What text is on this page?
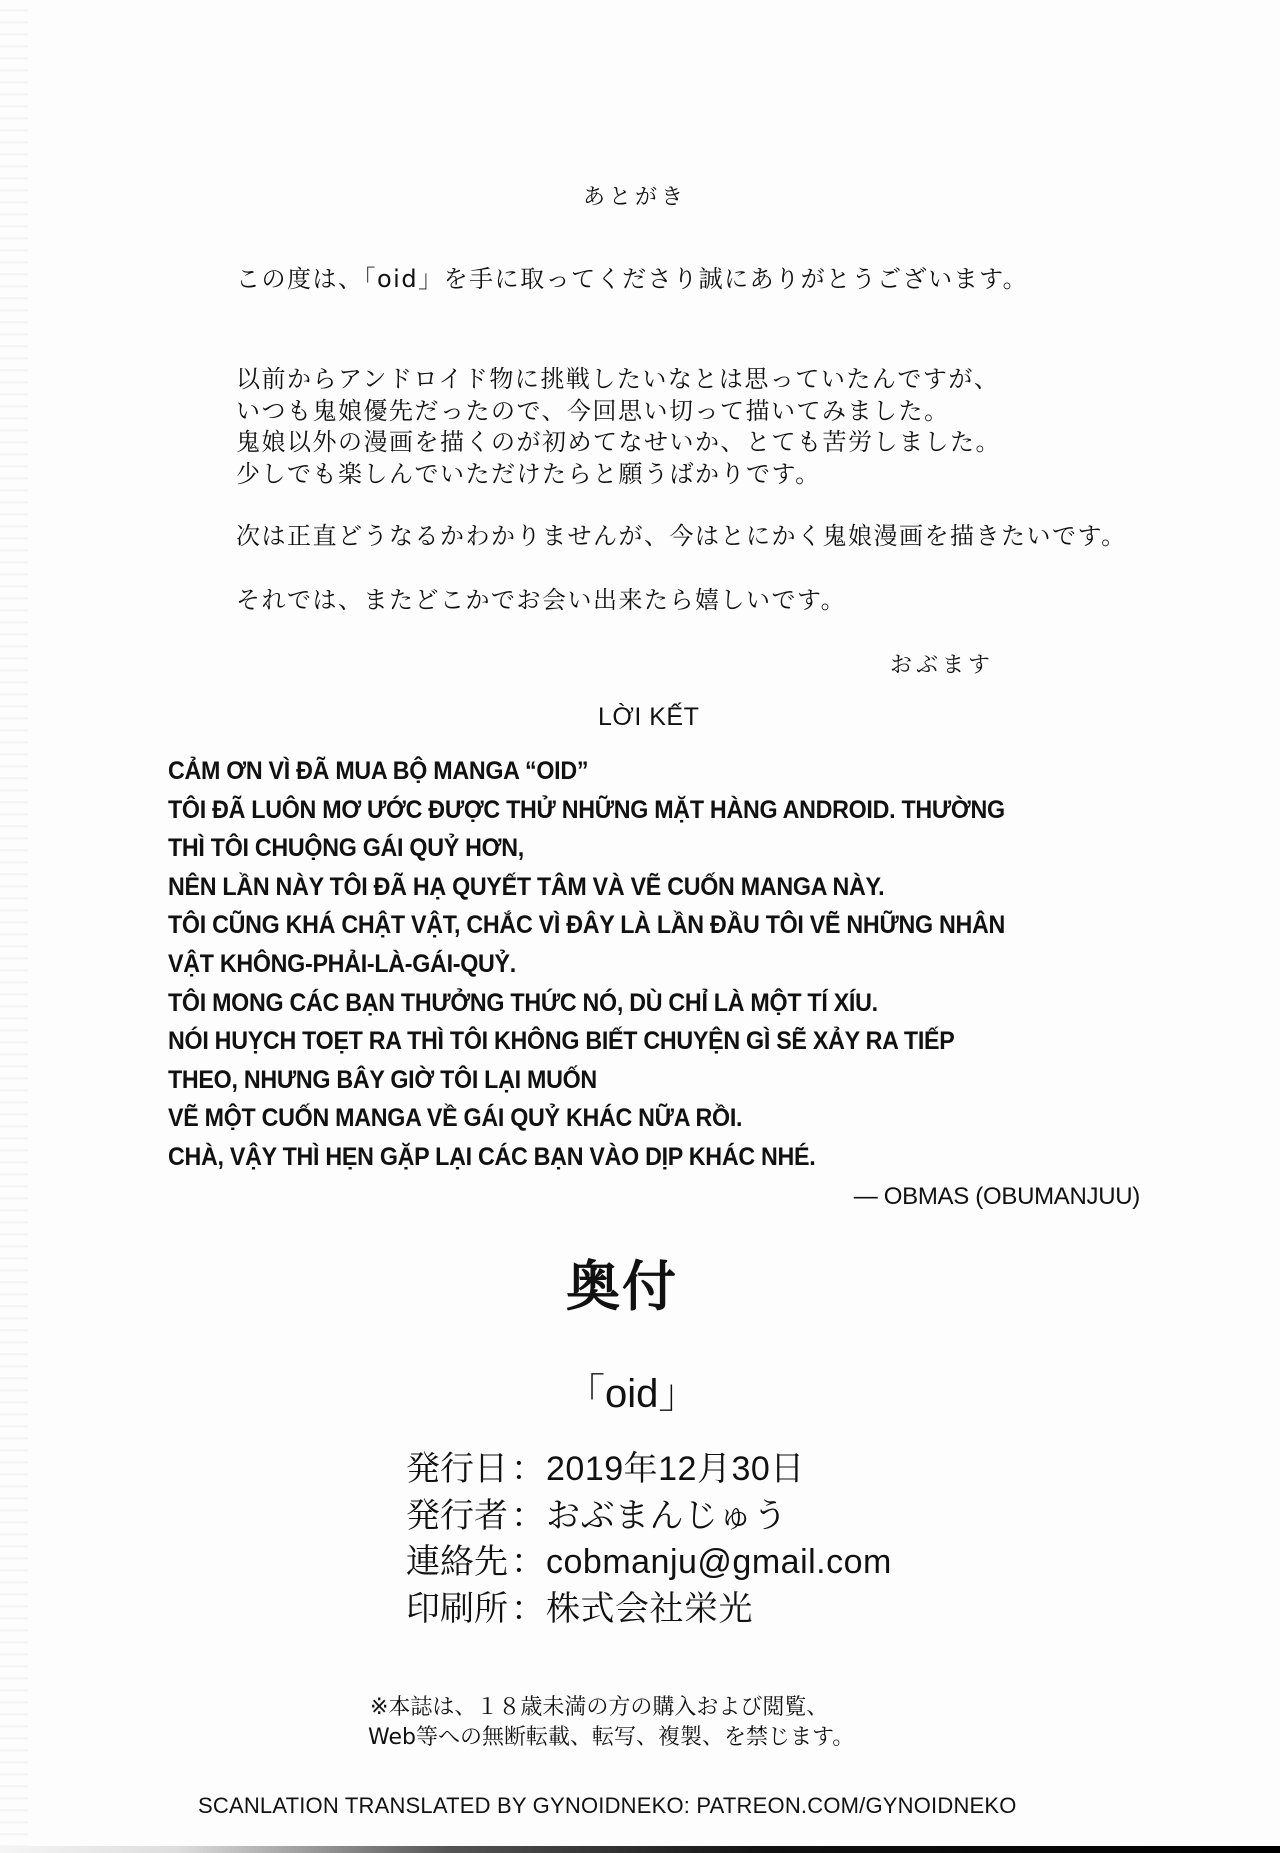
あとがき
この度は、「oid」を手に取ってくださり誠にありがとうございます。
以前からアンドロイド物に挑戦したいなとは思っていたんですが、
いつも鬼娘優先だったので、今回思い切って描いてみました。
鬼娘以外の漫画を描くのが初めてなせいか、とても苦労しました。
少しでも楽しんでいただけたらと願うばかりです。
次は正直どうなるかわかりませんが、今はとにかく鬼娘漫画を描きたいです。
それでは、またどこかでお会い出来たら嬉しいです。
おぶます
LỜI KẾT
CẢM ƠN VÌ ĐÃ MUA BỘ MANGA “OID”
TÔI ĐÃ LUÔN MƠ ƯỚC ĐƯỢC THỬ NHỮNG MẶT HÀNG ANDROID. THƯỜNG
THÌ TÔI CHUỘNG GÁI QUỶ HƠN,
NÊN LẦN NÀY TÔI ĐÃ HẠ QUYẾT TÂM VÀ VẼ CUỐN MANGA NÀY.
TÔI CŨNG KHÁ CHẬT VẬT, CHẮC VÌ ĐÂY LÀ LẦN ĐẦU TÔI VẼ NHỮNG NHÂN
VẬT KHÔNG-PHẢI-LÀ-GÁI-QUỶ.
TÔI MONG CÁC BẠN THƯỞNG THỨC NÓ, DÙ CHỈ LÀ MỘT TÍ XÍU.
NÓI HUỴCH TOẸT RA THÌ TÔI KHÔNG BIẾT CHUYỆN GÌ SẼ XẢY RA TIẾP
THEO, NHƯNG BÂY GIỜ TÔI LẠI MUỐN
VẼ MỘT CUỐN MANGA VỀ GÁI QUỶ KHÁC NỮA RỒI.
CHÀ, VẬY THÌ HẸN GẶP LẠI CÁC BẠN VÀO DỊP KHÁC NHÉ.
— OBMAS (OBUMANJUU)
奥付
「oid」
発行日 ： 2019年12月30日
発行者 ： おぶまんじゅう
連絡先 ： cobmanju@gmail.com
印刷所 ： 株式会社栄光
※本誌は、１８歳未満の方の購入および閲覧、
Web等への無断転載、転写、複製、を禁じます。
SCANLATION TRANSLATED BY GYNOIDNEKO: PATREON.COM/GYNOIDNEKO
